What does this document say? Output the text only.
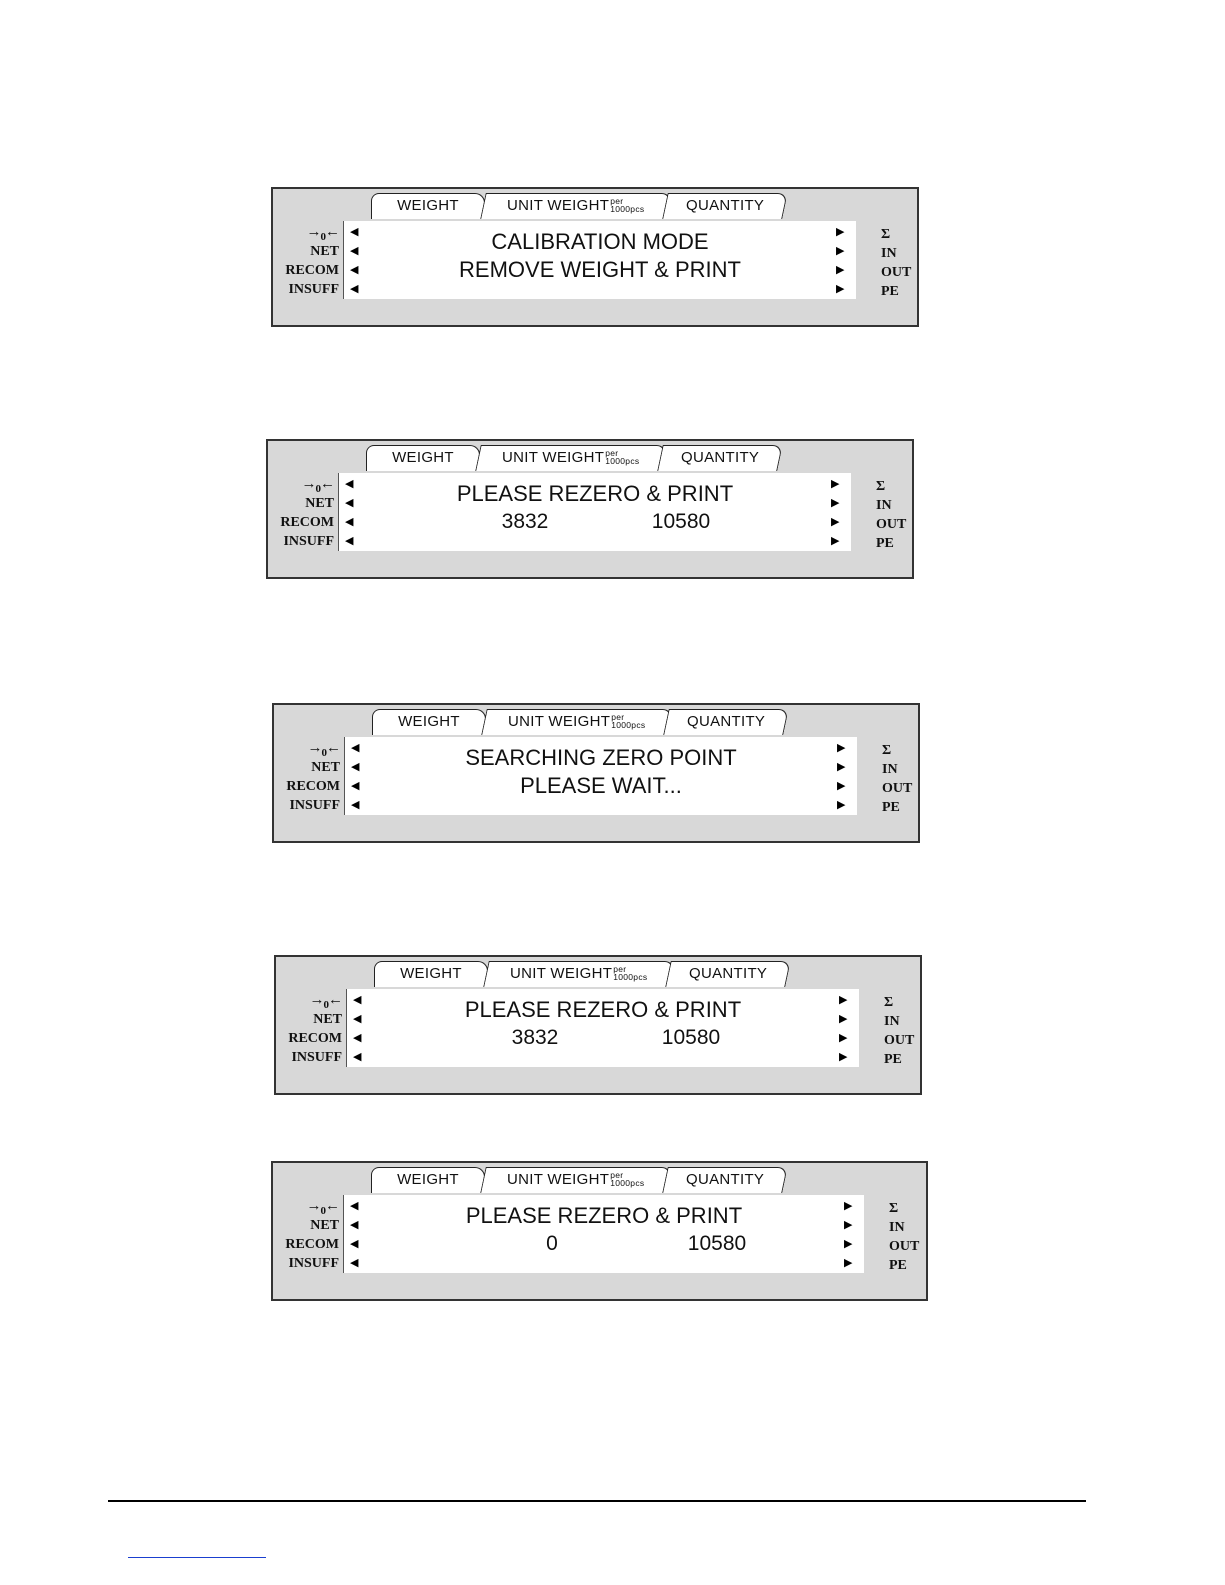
WEIGHT	UNIT WEIGHT per
1000pcs	QUANTITY
$\to_0\leftarrow$
NET
RECOM
INSUFF
◀
◀
◀
◀
CALIBRATION MODE
REMOVE WEIGHT & PRINT
▶
▶
▶
▶
Σ
IN
OUT
PE
WEIGHT	UNIT WEIGHT per
1000pcs	QUANTITY
$\to_0\leftarrow$
NET
RECOM
INSUFF
◀
◀
◀
◀
PLEASE REZERO & PRINT
3832	10580
▶
▶
▶
▶
Σ
IN
OUT
PE
WEIGHT	UNIT WEIGHT per
1000pcs	QUANTITY
$\to_0\leftarrow$
NET
RECOM
INSUFF
◀
◀
◀
◀
SEARCHING ZERO POINT
PLEASE WAIT...
▶
▶
▶
▶
Σ
IN
OUT
PE
WEIGHT	UNIT WEIGHT per
1000pcs	QUANTITY
$\to_0\leftarrow$
NET
RECOM
INSUFF
◀
◀
◀
◀
PLEASE REZERO & PRINT
3832	10580
▶
▶
▶
▶
Σ
IN
OUT
PE
WEIGHT	UNIT WEIGHT per
1000pcs	QUANTITY
$\to_0\leftarrow$
NET
RECOM
INSUFF
◀
◀
◀
◀
PLEASE REZERO & PRINT
0	10580
▶
▶
▶
▶
Σ
IN
OUT
PE
